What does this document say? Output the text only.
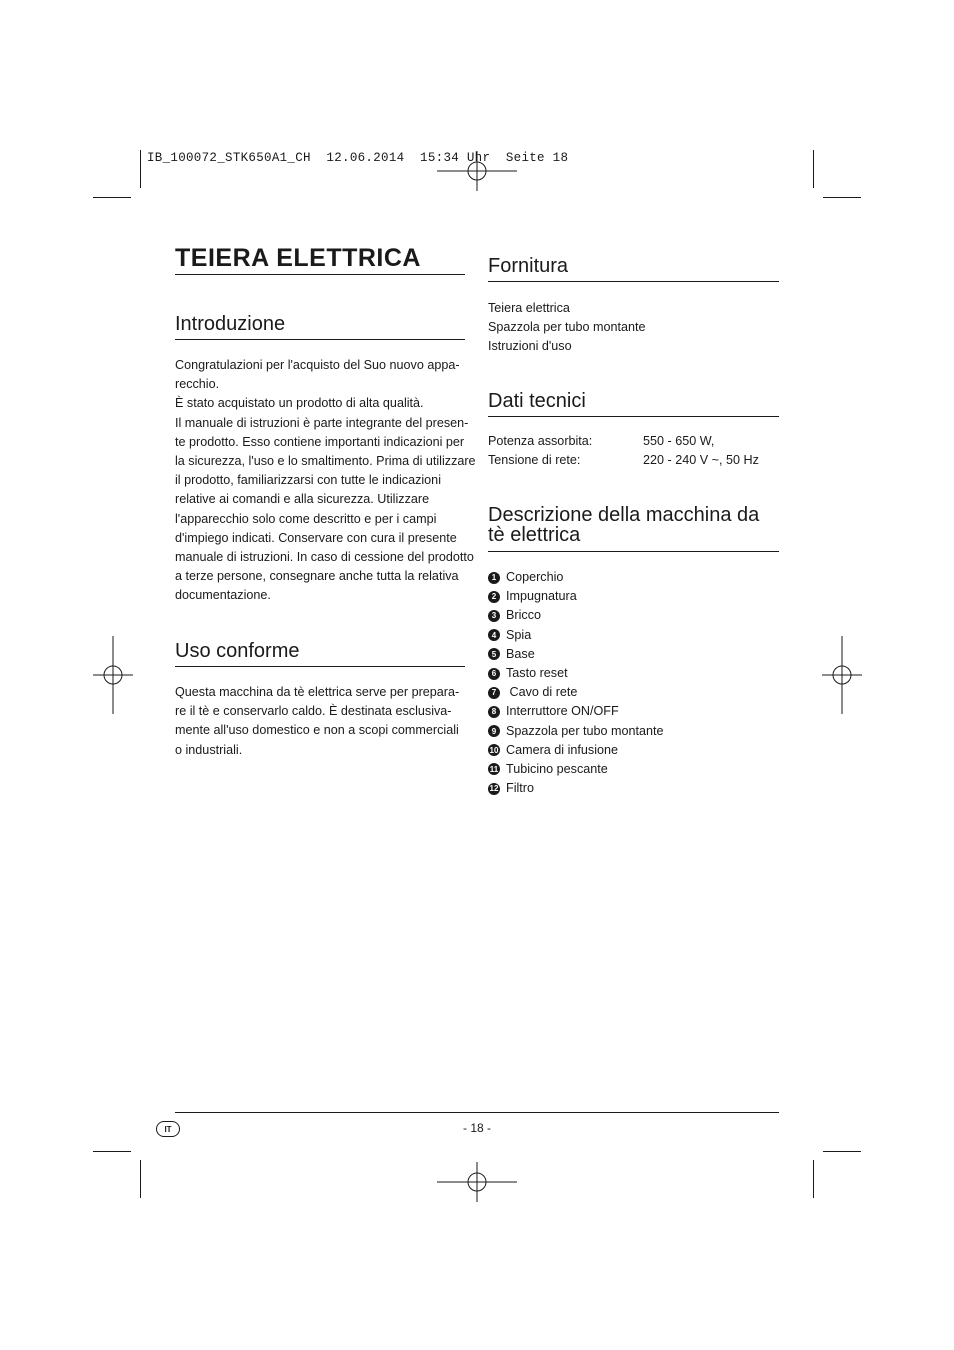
IB_100072_STK650A1_CH  12.06.2014  15:34 Uhr  Seite 18
TEIERA ELETTRICA
Introduzione
Congratulazioni per l'acquisto del Suo nuovo appa-
recchio.
È stato acquistato un prodotto di alta qualità.
Il manuale di istruzioni è parte integrante del presen-
te prodotto. Esso contiene importanti indicazioni per
la sicurezza, l'uso e lo smaltimento. Prima di utilizzare
il prodotto, familiarizzarsi con tutte le indicazioni
relative ai comandi e alla sicurezza. Utilizzare
l'apparecchio solo come descritto e per i campi
d'impiego indicati. Conservare con cura il presente
manuale di istruzioni. In caso di cessione del prodotto
a terze persone, consegnare anche tutta la relativa
documentazione.
Uso conforme
Questa macchina da tè elettrica serve per prepara-
re il tè e conservarlo caldo. È destinata esclusiva-
mente all'uso domestico e non a scopi commerciali
o industriali.
Fornitura
Teiera elettrica
Spazzola per tubo montante
Istruzioni d'uso
Dati tecnici
Potenza assorbita:	550 - 650 W,
Tensione di rete:	220 - 240 V ~, 50 Hz
Descrizione della macchina da
tè elettrica
1 Coperchio
2 Impugnatura
3 Bricco
4 Spia
5 Base
6 Tasto reset
7 Cavo di rete
8 Interruttore ON/OFF
9 Spazzola per tubo montante
10 Camera di infusione
11 Tubicino pescante
12 Filtro
IT	- 18 -
